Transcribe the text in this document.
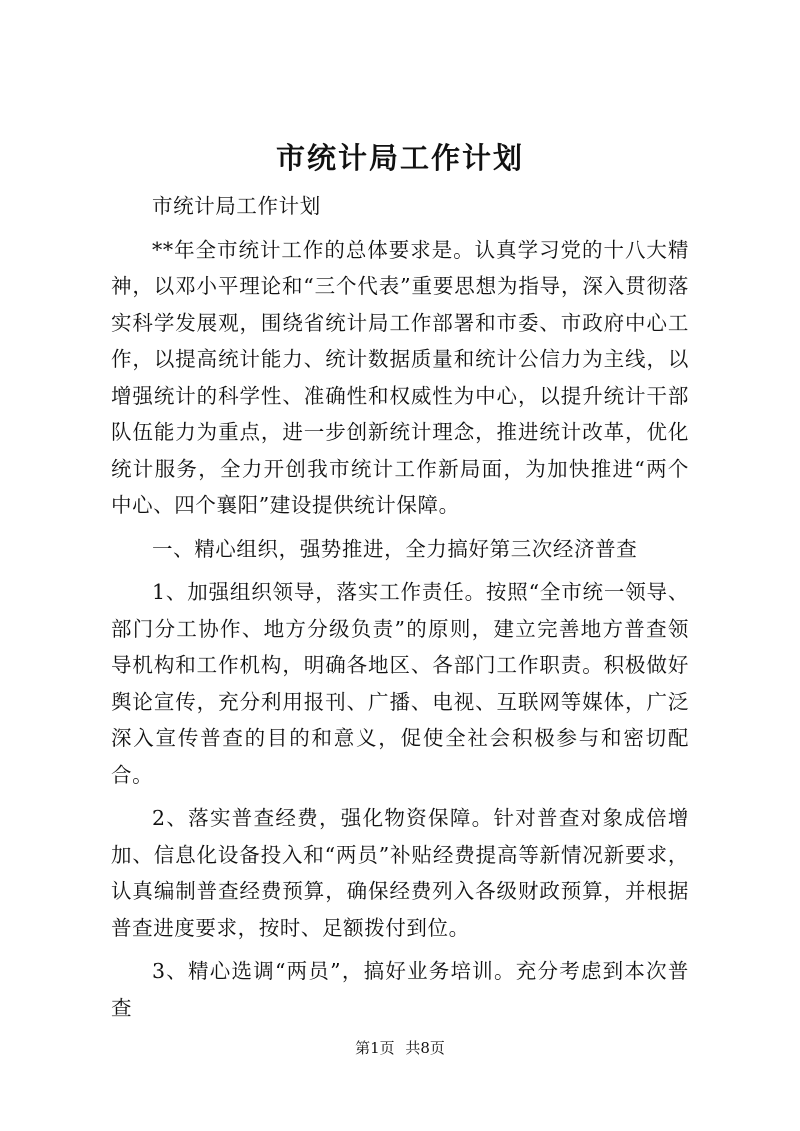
市统计局工作计划

市统计局工作计划

**年全市统计工作的总体要求是。认真学习党的十八大精神，以邓小平理论和“三个代表”重要思想为指导，深入贯彻落实科学发展观，围绕省统计局工作部署和市委、市政府中心工作，以提高统计能力、统计数据质量和统计公信力为主线，以增强统计的科学性、准确性和权威性为中心，以提升统计干部队伍能力为重点，进一步创新统计理念，推进统计改革，优化统计服务，全力开创我市统计工作新局面，为加快推进“两个中心、四个襄阳”建设提供统计保障。

一、精心组织，强势推进，全力搞好第三次经济普查

1、加强组织领导，落实工作责任。按照“全市统一领导、部门分工协作、地方分级负责”的原则，建立完善地方普查领导机构和工作机构，明确各地区、各部门工作职责。积极做好舆论宣传，充分利用报刊、广播、电视、互联网等媒体，广泛深入宣传普查的目的和意义，促使全社会积极参与和密切配合。

2、落实普查经费，强化物资保障。针对普查对象成倍增加、信息化设备投入和“两员”补贴经费提高等新情况新要求，认真编制普查经费预算，确保经费列入各级财政预算，并根据普查进度要求，按时、足额拨付到位。

3、精心选调“两员”，搞好业务培训。充分考虑到本次普查

第1页 共8页
